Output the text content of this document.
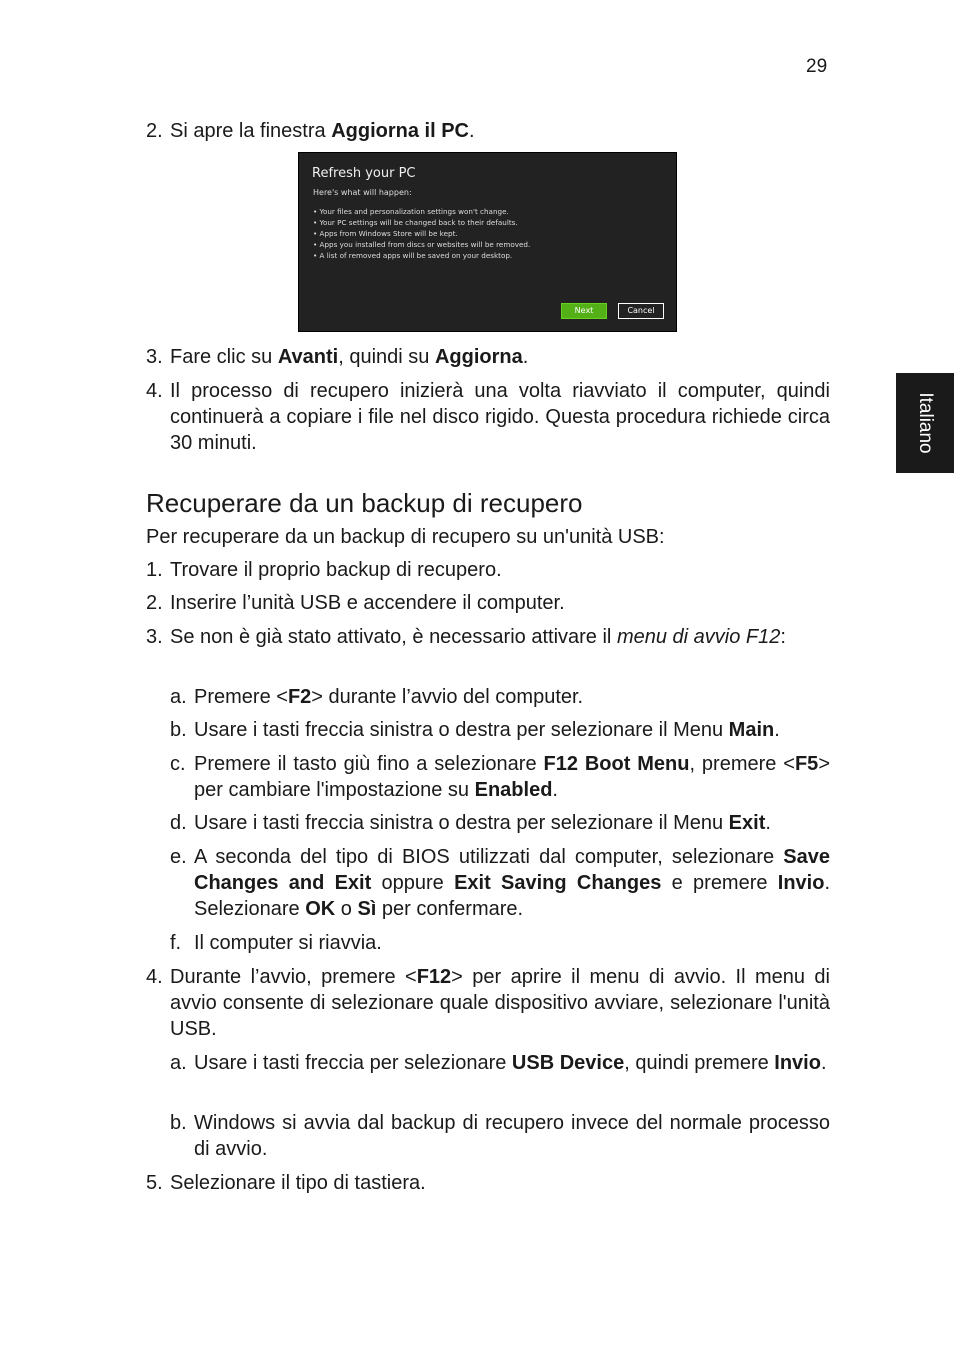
29
Italiano
2. Si apre la finestra Aggiorna il PC.
3. Fare clic su Avanti, quindi su Aggiorna.
4. Il processo di recupero inizierà una volta riavviato il computer, quindi continuerà a copiare i file nel disco rigido. Questa procedura richiede circa 30 minuti.
Recuperare da un backup di recupero
Per recuperare da un backup di recupero su un'unità USB:
1. Trovare il proprio backup di recupero.
2. Inserire l’unità USB e accendere il computer.
3. Se non è già stato attivato, è necessario attivare il menu di avvio F12:
a. Premere <F2> durante l’avvio del computer.
b. Usare i tasti freccia sinistra o destra per selezionare il Menu Main.
c. Premere il tasto giù fino a selezionare F12 Boot Menu, premere <F5> per cambiare l'impostazione su Enabled.
d. Usare i tasti freccia sinistra o destra per selezionare il Menu Exit.
e. A seconda del tipo di BIOS utilizzati dal computer, selezionare Save Changes and Exit oppure Exit Saving Changes e premere Invio. Selezionare OK o Sì per confermare.
f. Il computer si riavvia.
4. Durante l’avvio, premere <F12> per aprire il menu di avvio. Il menu di avvio consente di selezionare quale dispositivo avviare, selezionare l'unità USB.
a. Usare i tasti freccia per selezionare USB Device, quindi premere Invio.
b. Windows si avvia dal backup di recupero invece del normale processo di avvio.
5. Selezionare il tipo di tastiera.
Refresh your PC
Here's what will happen:
• Your files and personalization settings won't change.
• Your PC settings will be changed back to their defaults.
• Apps from Windows Store will be kept.
• Apps you installed from discs or websites will be removed.
• A list of removed apps will be saved on your desktop.
Next	Cancel
